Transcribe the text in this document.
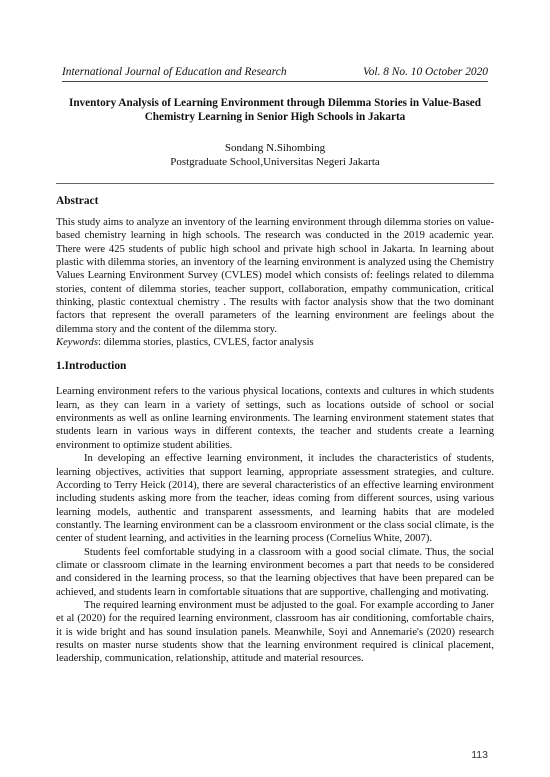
International Journal of Education and Research	Vol. 8 No. 10 October 2020
Inventory Analysis of Learning Environment through Dilemma Stories in Value-Based Chemistry Learning in Senior High Schools in Jakarta
Sondang N.Sihombing
Postgraduate School,Universitas Negeri Jakarta
Abstract

This study aims to analyze an inventory of the learning environment through dilemma stories on value-based chemistry learning in high schools. The research was conducted in the 2019 academic year. There were 425 students of public high school and private high school in Jakarta. In learning about plastic with dilemma stories, an inventory of the learning environment is analyzed using the Chemistry Values Learning Environment Survey (CVLES) model which consists of: feelings related to dilemma stories, content of dilemma stories, teacher support, collaboration, empathy communication, critical thinking, plastic contextual chemistry . The results with factor analysis show that the two dominant factors that represent the overall parameters of the learning environment are feelings about the dilemma story and the content of the dilemma story.

Keywords: dilemma stories, plastics, CVLES, factor analysis

1.Introduction

Learning environment refers to the various physical locations, contexts and cultures in which students learn, as they can learn in a variety of settings, such as locations outside of school or social environments as well as online learning environments. The learning environment statement states that students learn in various ways in different contexts, the teacher and students create a learning environment to optimize student abilities.

In developing an effective learning environment, it includes the characteristics of students, learning objectives, activities that support learning, appropriate assessment strategies, and culture. According to Terry Heick (2014), there are several characteristics of an effective learning environment including students asking more from the teacher, ideas coming from different sources, using various learning models, authentic and transparent assessments, and learning habits that are modeled constantly. The learning environment can be a classroom environment or the class social climate, is the center of student learning, and activities in the learning process (Cornelius White, 2007).

Students feel comfortable studying in a classroom with a good social climate. Thus, the social climate or classroom climate in the learning environment becomes a part that needs to be considered and considered in the learning process, so that the learning objectives that have been prepared can be achieved, and students learn in comfortable situations that are supportive, challenging and motivating.

The required learning environment must be adjusted to the goal. For example according to Janer et al (2020) for the required learning environment, classroom has air conditioning, comfortable chairs, it is wide bright and has sound insulation panels. Meanwhile, Soyi and Annemarie's (2020) research results on master nurse students show that the learning environment required is clinical placement, leadership, communication, relationship, attitude and material resources.

113
